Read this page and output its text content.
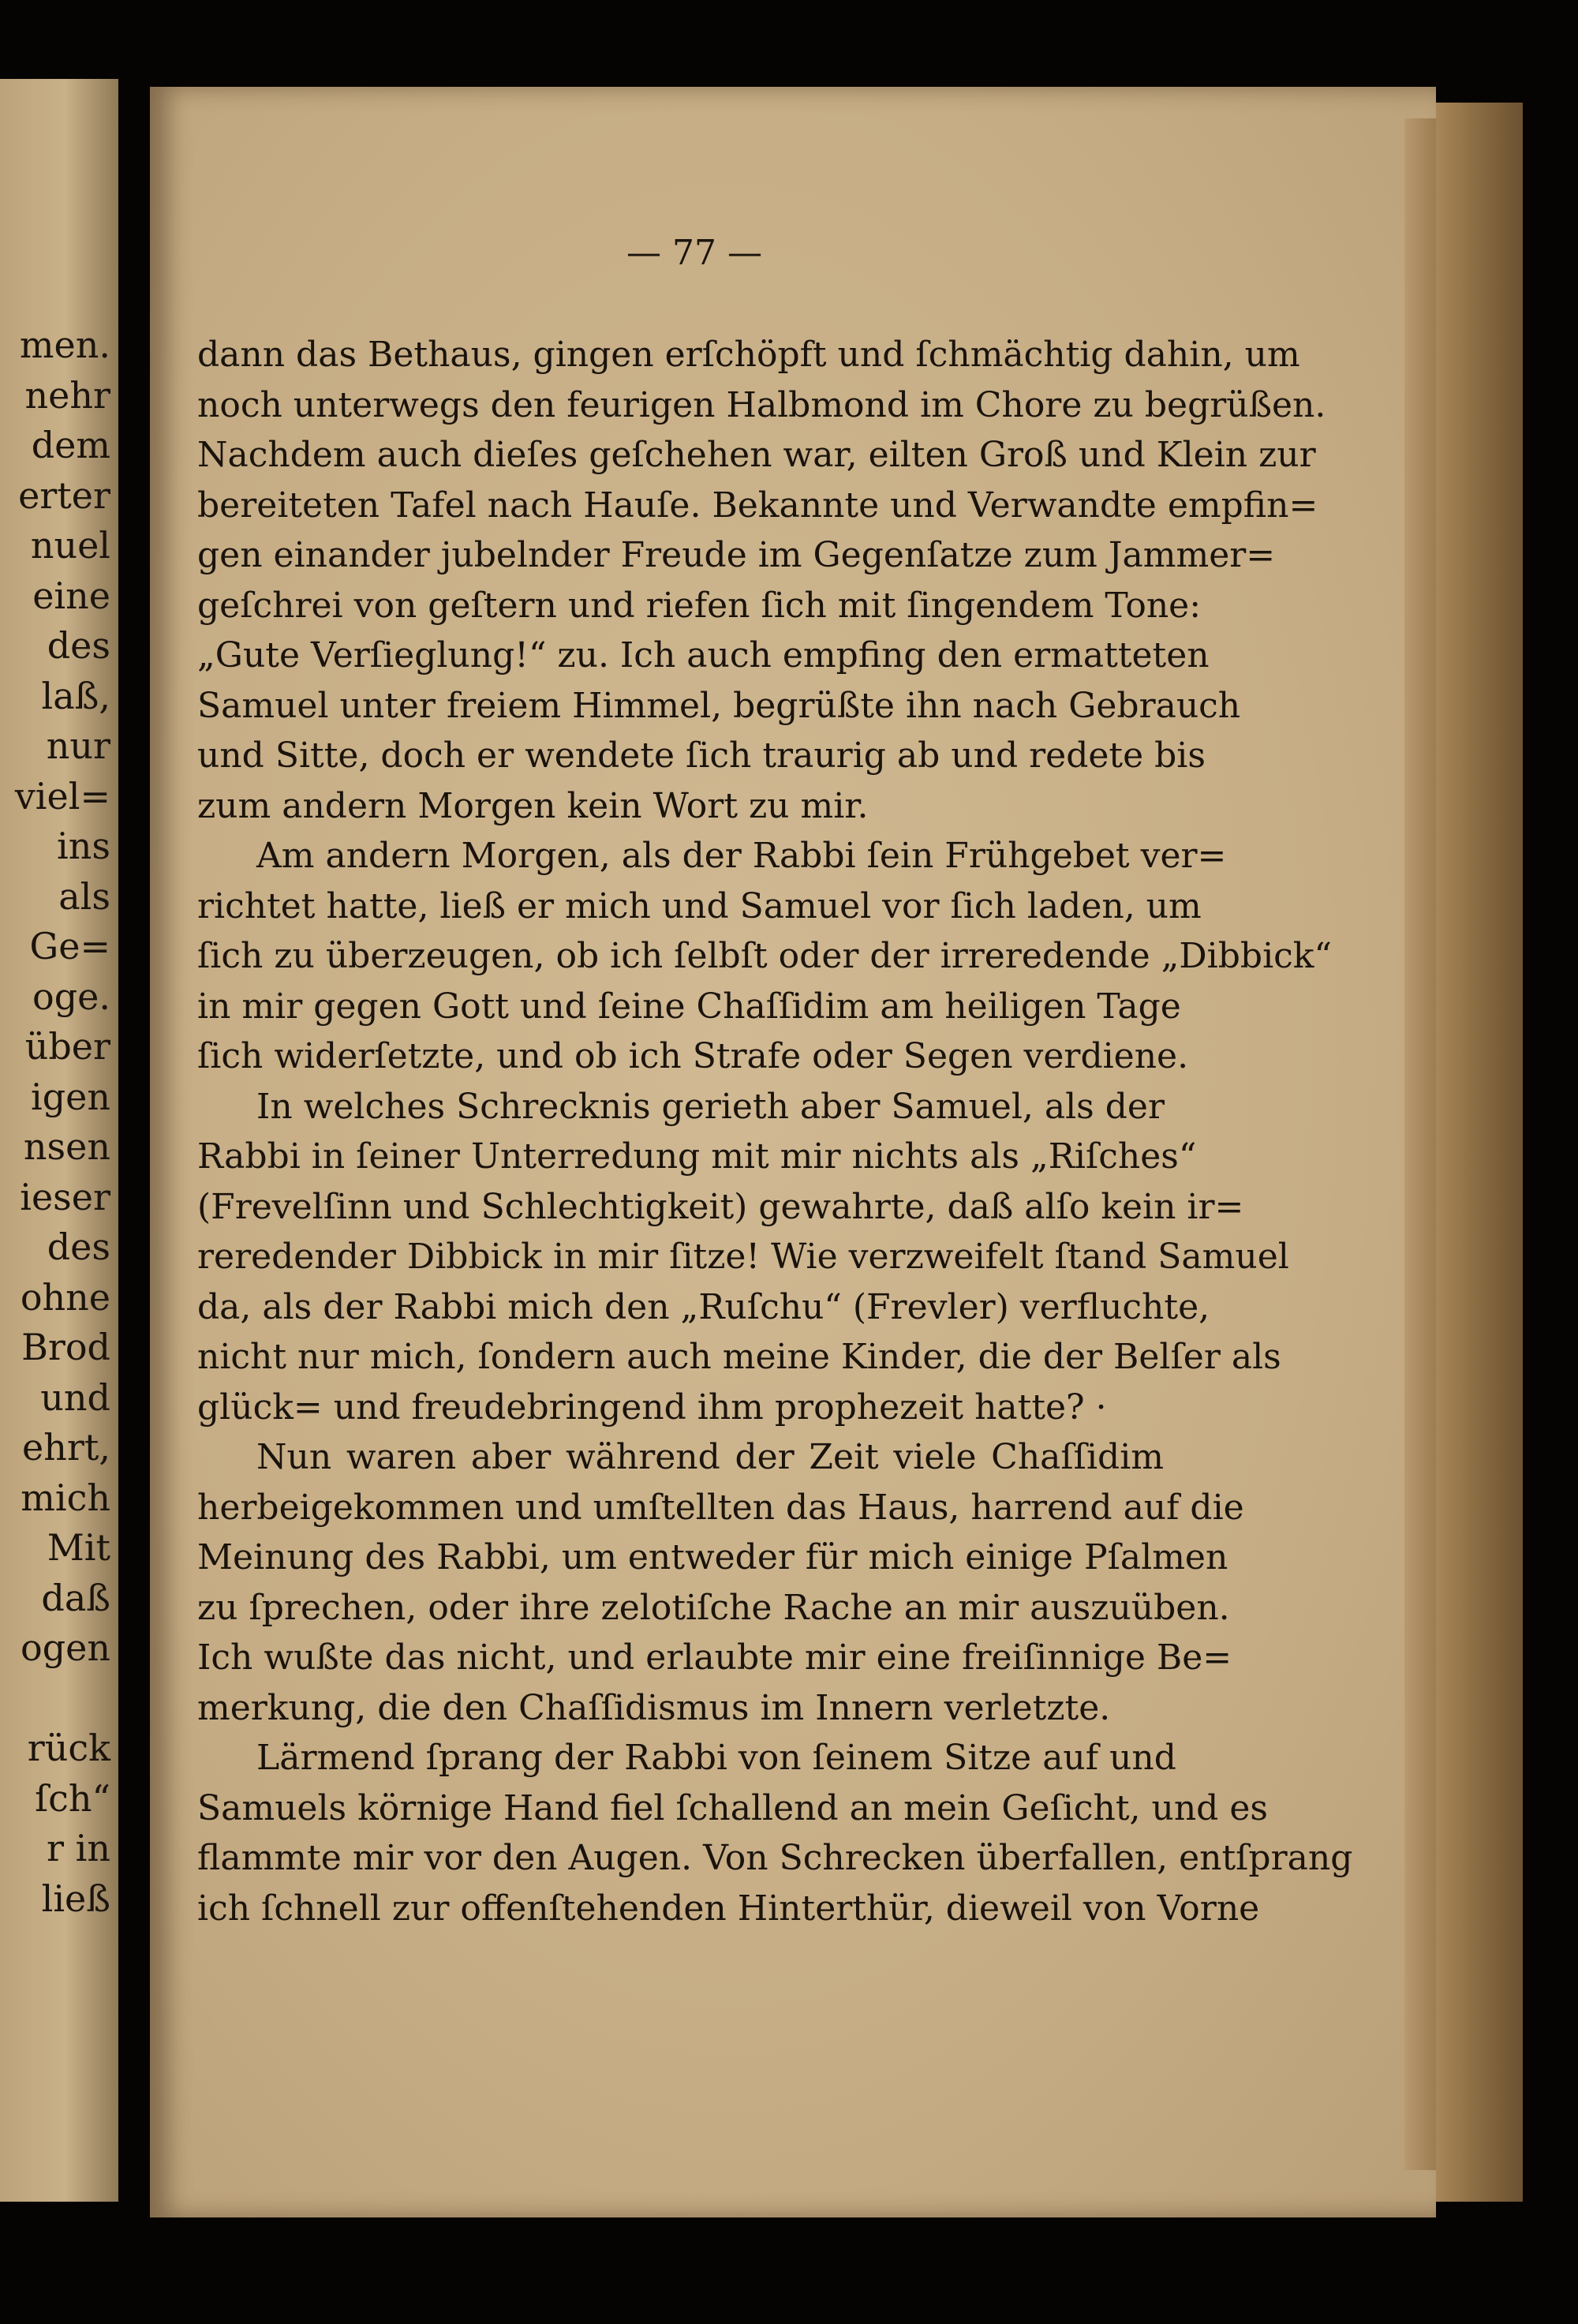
men.

nehr

dem

erter

nuel

eine

des

laß,

nur

viel=

ins

als

Ge=

oge.

über

igen

nsen

ieser

des

ohne

Brod

und

ehrt,

mich

Mit

daß

ogen

rück

ſch“

r in

ließ

— 77 —

dann das Bethaus, gingen erſchöpft und ſchmächtig dahin, um

noch unterwegs den feurigen Halbmond im Chore zu begrüßen.

Nachdem auch dieſes geſchehen war, eilten Groß und Klein zur

bereiteten Tafel nach Hauſe. Bekannte und Verwandte empfin=

gen einander jubelnder Freude im Gegenſatze zum Jammer=

geſchrei von geſtern und riefen ſich mit ſingendem Tone:

„Gute Verſieglung!“ zu. Ich auch empfing den ermatteten

Samuel unter freiem Himmel, begrüßte ihn nach Gebrauch

und Sitte, doch er wendete ſich traurig ab und redete bis

zum andern Morgen kein Wort zu mir.

Am andern Morgen, als der Rabbi ſein Frühgebet ver=

richtet hatte, ließ er mich und Samuel vor ſich laden, um

ſich zu überzeugen, ob ich ſelbſt oder der irreredende „Dibbick“

in mir gegen Gott und ſeine Chaſſidim am heiligen Tage

ſich widerſetzte, und ob ich Strafe oder Segen verdiene.

In welches Schrecknis gerieth aber Samuel, als der

Rabbi in ſeiner Unterredung mit mir nichts als „Riſches“

(Frevelſinn und Schlechtigkeit) gewahrte, daß alſo kein ir=

reredender Dibbick in mir ſitze! Wie verzweifelt ſtand Samuel

da, als der Rabbi mich den „Ruſchu“ (Frevler) verfluchte,

nicht nur mich, ſondern auch meine Kinder, die der Belſer als

glück= und freudebringend ihm prophezeit hatte? ·

Nun waren aber während der Zeit viele Chaſſidim

herbeigekommen und umſtellten das Haus, harrend auf die

Meinung des Rabbi, um entweder für mich einige Pſalmen

zu ſprechen, oder ihre zelotiſche Rache an mir auszuüben.

Ich wußte das nicht, und erlaubte mir eine freiſinnige Be=

merkung, die den Chaſſidismus im Innern verletzte.

Lärmend ſprang der Rabbi von ſeinem Sitze auf und

Samuels körnige Hand fiel ſchallend an mein Geſicht, und es

flammte mir vor den Augen. Von Schrecken überfallen, entſprang

ich ſchnell zur offenſtehenden Hinterthür, dieweil von Vorne
